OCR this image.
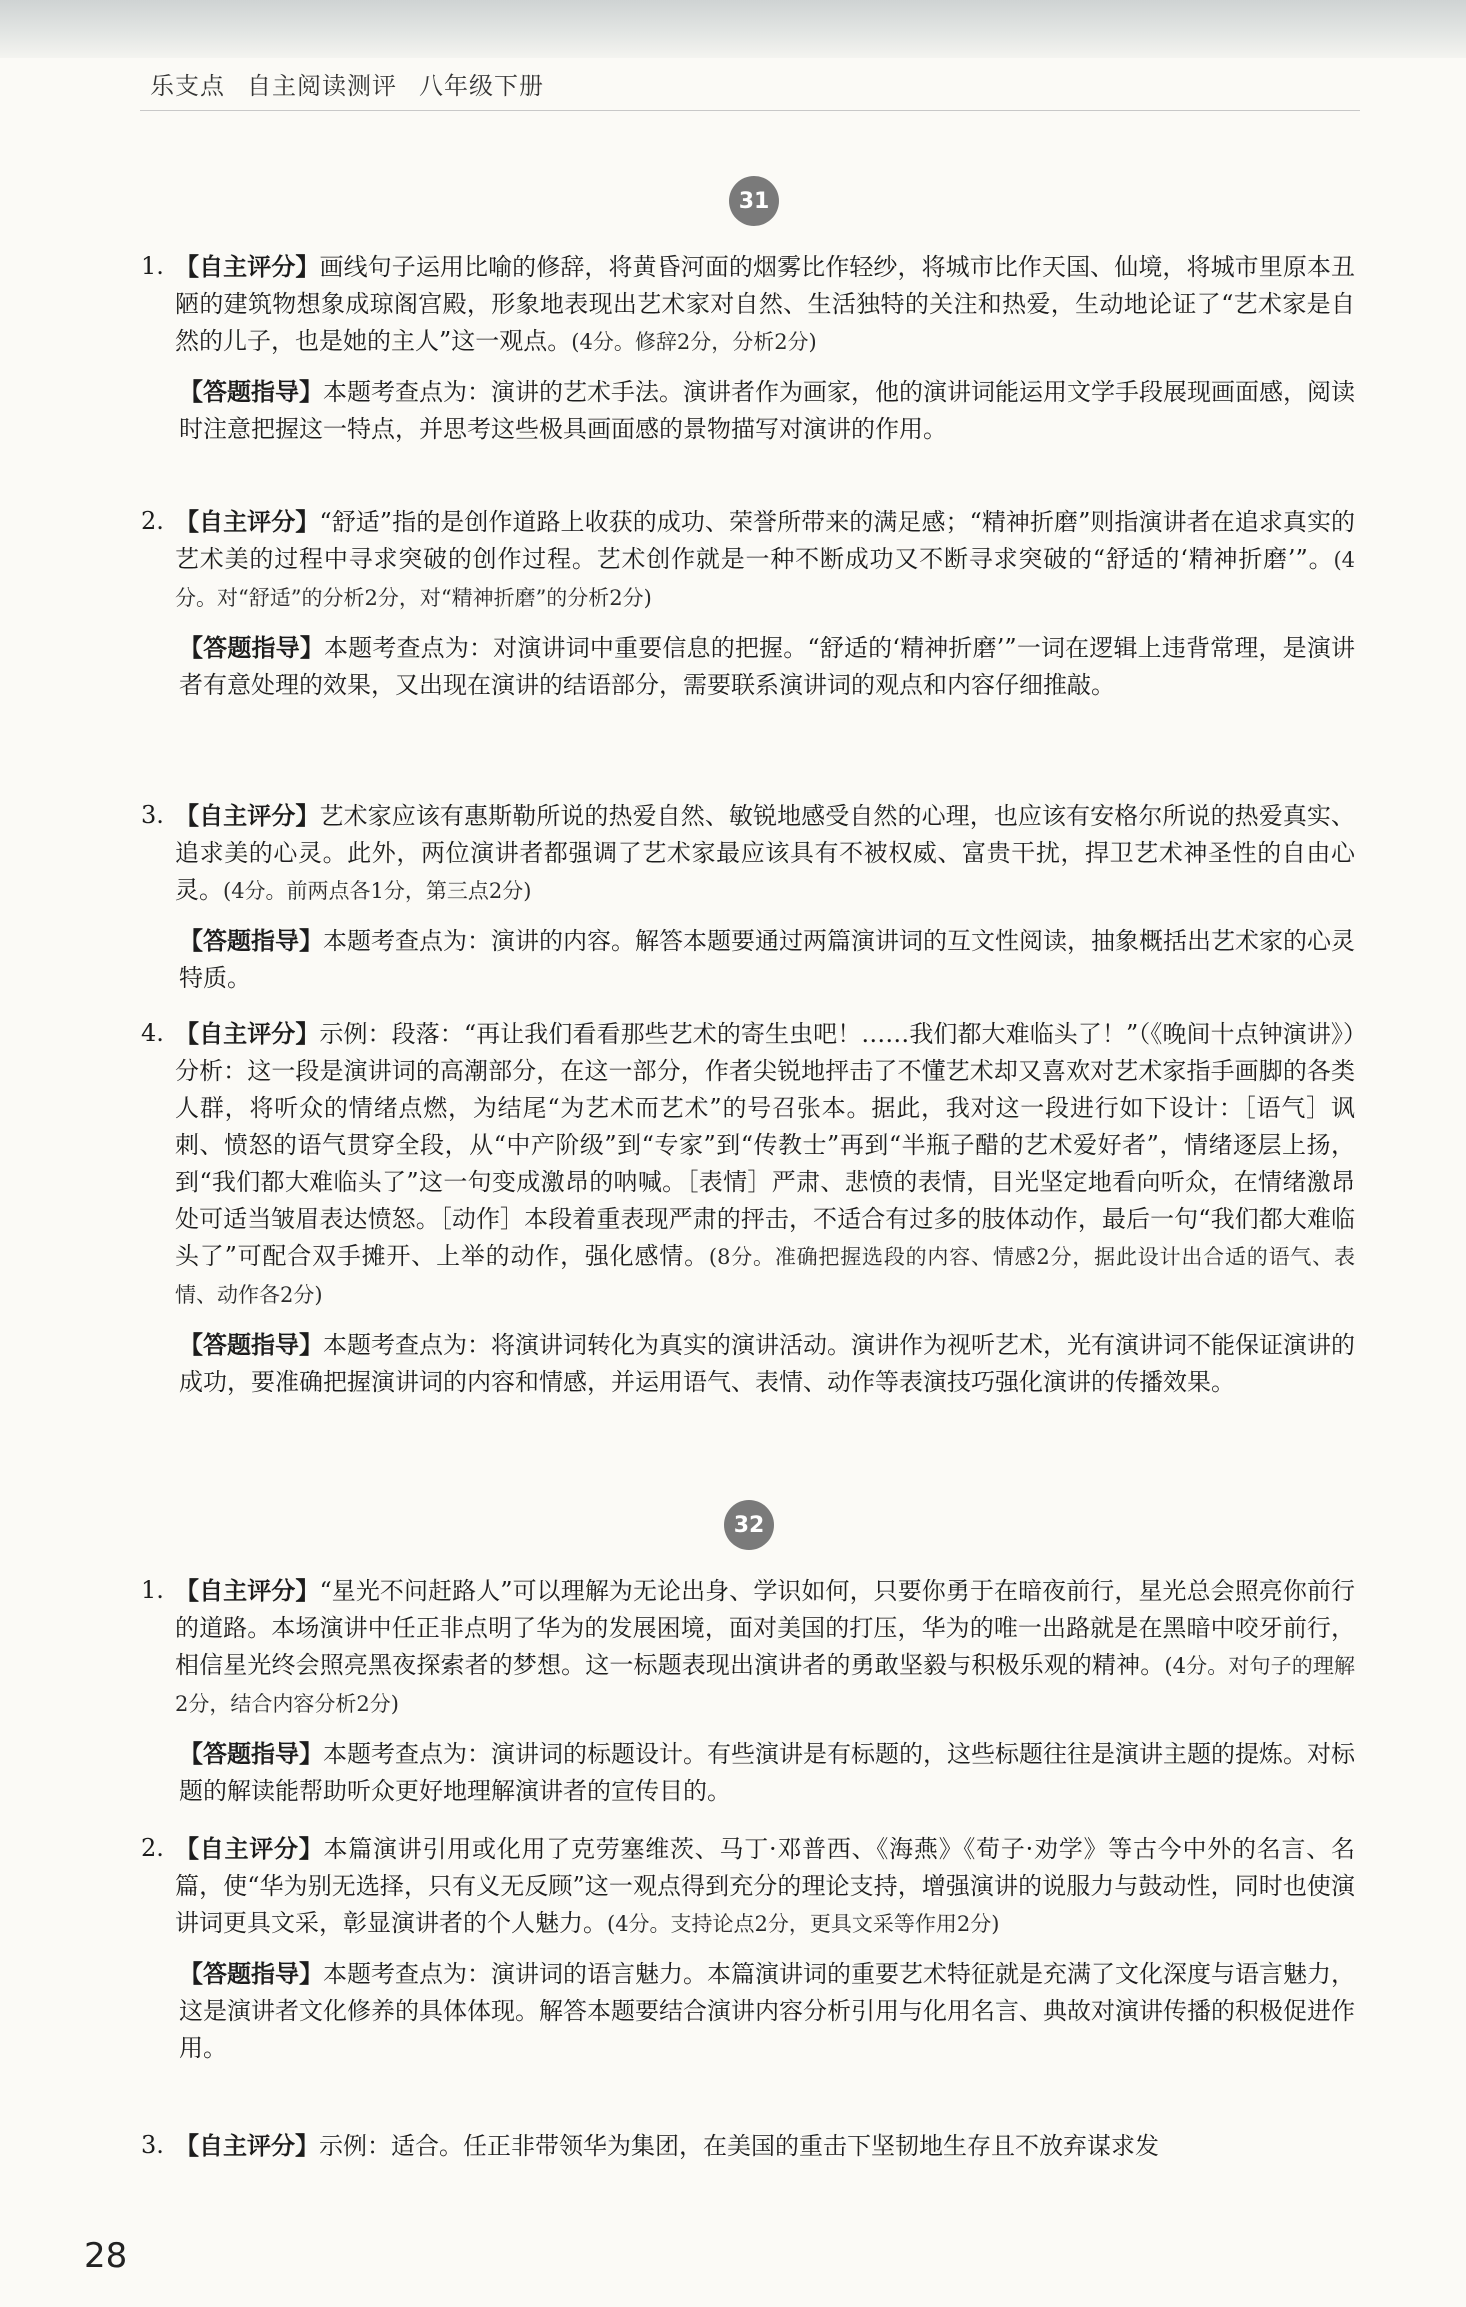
乐支点 自主阅读测评 八年级下册
31
1. 【自主评分】画线句子运用比喻的修辞，将黄昏河面的烟雾比作轻纱，将城市比作天国、仙境，将城市里原本丑陋的建筑物想象成琼阁宫殿，形象地表现出艺术家对自然、生活独特的关注和热爱，生动地论证了“艺术家是自然的儿子，也是她的主人”这一观点。(4分。修辞2分，分析2分)

【答题指导】本题考查点为：演讲的艺术手法。演讲者作为画家，他的演讲词能运用文学手段展现画面感，阅读时注意把握这一特点，并思考这些极具画面感的景物描写对演讲的作用。

2. 【自主评分】“舒适”指的是创作道路上收获的成功、荣誉所带来的满足感；“精神折磨”则指演讲者在追求真实的艺术美的过程中寻求突破的创作过程。艺术创作就是一种不断成功又不断寻求突破的“舒适的‘精神折磨’”。(4分。对“舒适”的分析2分，对“精神折磨”的分析2分)

【答题指导】本题考查点为：对演讲词中重要信息的把握。“舒适的‘精神折磨’”一词在逻辑上违背常理，是演讲者有意处理的效果，又出现在演讲的结语部分，需要联系演讲词的观点和内容仔细推敲。

3. 【自主评分】艺术家应该有惠斯勒所说的热爱自然、敏锐地感受自然的心理，也应该有安格尔所说的热爱真实、追求美的心灵。此外，两位演讲者都强调了艺术家最应该具有不被权威、富贵干扰，捍卫艺术神圣性的自由心灵。(4分。前两点各1分，第三点2分)

【答题指导】本题考查点为：演讲的内容。解答本题要通过两篇演讲词的互文性阅读，抽象概括出艺术家的心灵特质。

4. 【自主评分】示例：段落：“再让我们看看那些艺术的寄生虫吧！……我们都大难临头了！”（《晚间十点钟演讲》）分析：这一段是演讲词的高潮部分，在这一部分，作者尖锐地抨击了不懂艺术却又喜欢对艺术家指手画脚的各类人群，将听众的情绪点燃，为结尾“为艺术而艺术”的号召张本。据此，我对这一段进行如下设计：［语气］讽刺、愤怒的语气贯穿全段，从“中产阶级”到“专家”到“传教士”再到“半瓶子醋的艺术爱好者”，情绪逐层上扬，到“我们都大难临头了”这一句变成激昂的呐喊。［表情］严肃、悲愤的表情，目光坚定地看向听众，在情绪激昂处可适当皱眉表达愤怒。［动作］本段着重表现严肃的抨击，不适合有过多的肢体动作，最后一句“我们都大难临头了”可配合双手摊开、上举的动作，强化感情。(8分。准确把握选段的内容、情感2分，据此设计出合适的语气、表情、动作各2分)

【答题指导】本题考查点为：将演讲词转化为真实的演讲活动。演讲作为视听艺术，光有演讲词不能保证演讲的成功，要准确把握演讲词的内容和情感，并运用语气、表情、动作等表演技巧强化演讲的传播效果。

32
1. 【自主评分】“星光不问赶路人”可以理解为无论出身、学识如何，只要你勇于在暗夜前行，星光总会照亮你前行的道路。本场演讲中任正非点明了华为的发展困境，面对美国的打压，华为的唯一出路就是在黑暗中咬牙前行，相信星光终会照亮黑夜探索者的梦想。这一标题表现出演讲者的勇敢坚毅与积极乐观的精神。(4分。对句子的理解2分，结合内容分析2分)

【答题指导】本题考查点为：演讲词的标题设计。有些演讲是有标题的，这些标题往往是演讲主题的提炼。对标题的解读能帮助听众更好地理解演讲者的宣传目的。

2. 【自主评分】本篇演讲引用或化用了克劳塞维茨、马丁·邓普西、《海燕》《荀子·劝学》等古今中外的名言、名篇，使“华为别无选择，只有义无反顾”这一观点得到充分的理论支持，增强演讲的说服力与鼓动性，同时也使演讲词更具文采，彰显演讲者的个人魅力。(4分。支持论点2分，更具文采等作用2分)

【答题指导】本题考查点为：演讲词的语言魅力。本篇演讲词的重要艺术特征就是充满了文化深度与语言魅力，这是演讲者文化修养的具体体现。解答本题要结合演讲内容分析引用与化用名言、典故对演讲传播的积极促进作用。

3. 【自主评分】示例：适合。任正非带领华为集团，在美国的重击下坚韧地生存且不放弃谋求发

28
